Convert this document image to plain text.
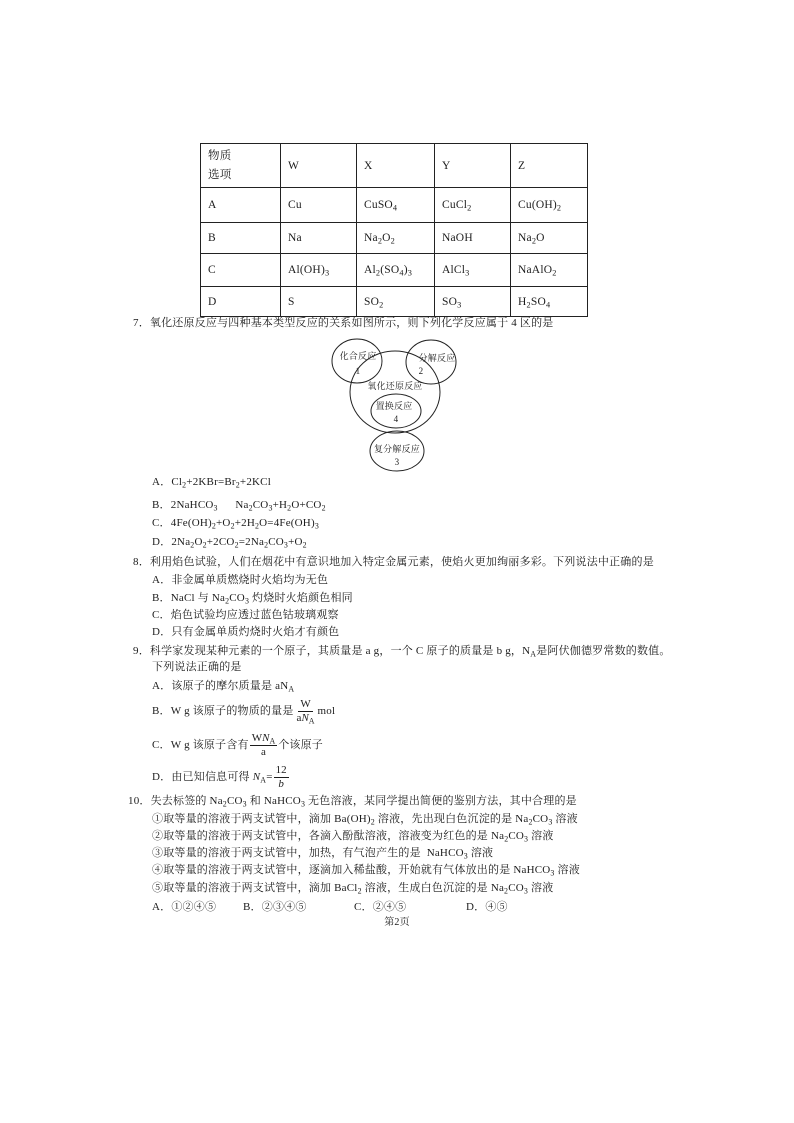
物质
选项	W	X	Y	Z
A	Cu	CuSO$_4$	CuCl$_2$	$Cu(OH)_2$
B	Na	$Na_2O_2$	NaOH	$Na_2O$
C	$Al(OH)_3$	$Al_2(SO_4)_3$	AlCl$_3$	NaAlO$_2$
D	S	$SO_2$	$SO_3$	$H_2SO_4$
7．氧化还原反应与四种基本类型反应的关系如图所示，则下列化学反应属于 4 区的是
化合反应
1
分解反应
2
氧化还原反应
置换反应
4
复分解反应
3
A． $Cl_2+2KBr=Br_2+2KCl$
B． 2NaHCO$_3$      $Na_2CO_3+H_2O+CO_2$
C． $4Fe(OH)_2+O_2+2H_2O=4Fe(OH)_3$
D． $2Na_2O_2+2CO_2=2Na_2CO_3+O_2$
8．利用焰色试验，人们在烟花中有意识地加入特定金属元素，使焰火更加绚丽多彩。下列说法中正确的是
A． 非金属单质燃烧时火焰均为无色
B． NaCl 与 $Na_2CO_3$ 灼烧时火焰颜色相同
C． 焰色试验均应透过蓝色钴玻璃观察
D． 只有金属单质灼烧时火焰才有颜色
9．科学家发现某种元素的一个原子，其质量是 a g，一个 C 原子的质量是 b g，$N_A$是阿伏伽德罗常数的数值。
下列说法正确的是
A． 该原子的摩尔质量是 $aN_A$
B． W g 该原子的物质的量是 $\frac{W}{aN_A}$ mol
C． W g 该原子含有 $\frac{WN_A}{a}$ 个该原子
D． 由已知信息可得 $N_A= \frac{12}{b}$
10．失去标签的 $Na_2CO_3$ 和 NaHCO$_3$ 无色溶液，某同学提出简便的鉴别方法，其中合理的是
①取等量的溶液于两支试管中，滴加 $Ba(OH)_2$ 溶液，先出现白色沉淀的是 $Na_2CO_3$ 溶液
②取等量的溶液于两支试管中，各滴入酚酞溶液，溶液变为红色的是 $Na_2CO_3$ 溶液
③取等量的溶液于两支试管中，加热，有气泡产生的是  NaHCO$_3$ 溶液
④取等量的溶液于两支试管中，逐滴加入稀盐酸，开始就有气体放出的是 NaHCO$_3$ 溶液
⑤取等量的溶液于两支试管中，滴加 BaCl$_2$ 溶液，生成白色沉淀的是 $Na_2CO_3$ 溶液
A．①②④⑤ B．②③④⑤	C．②④⑤	D．④⑤
第2页
